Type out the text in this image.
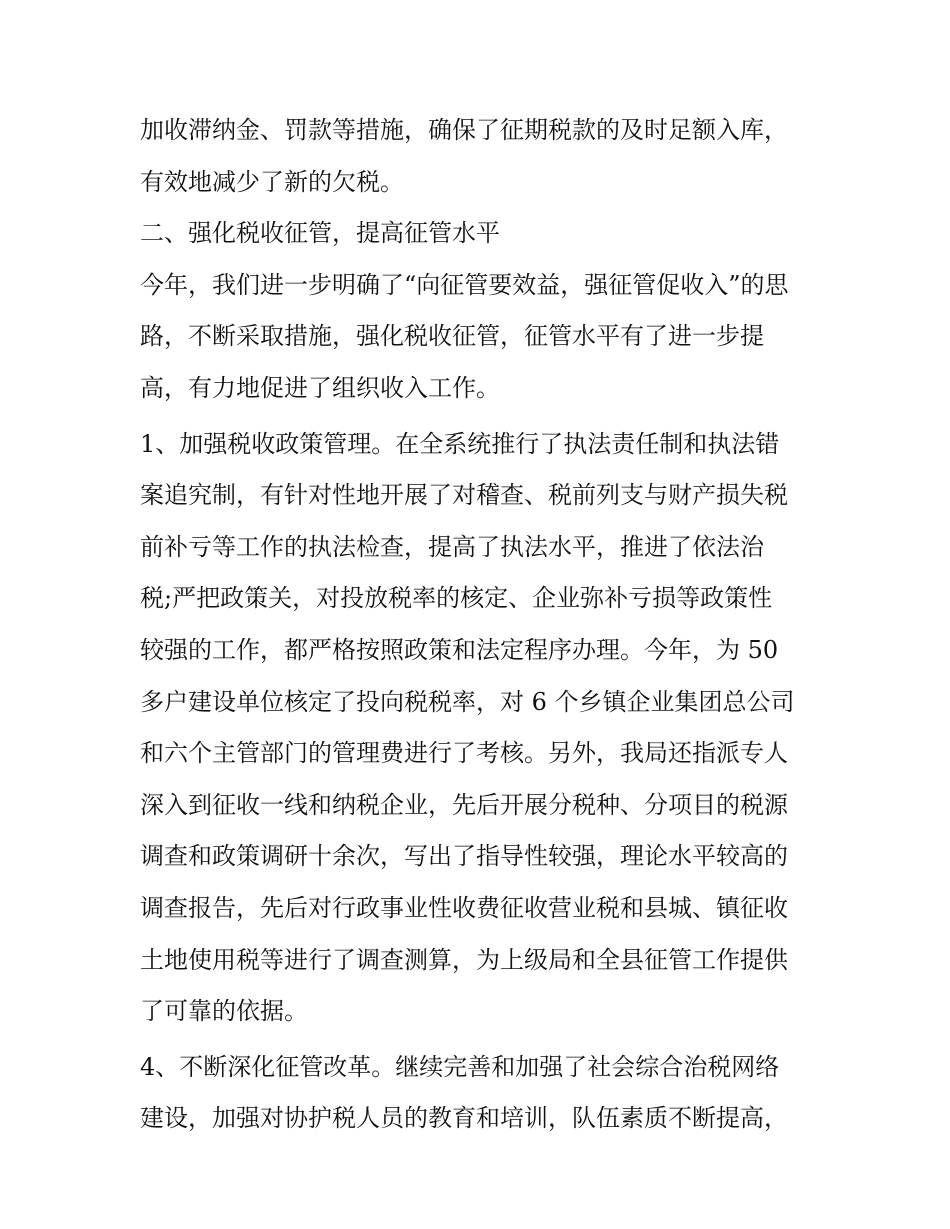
加收滞纳金、罚款等措施，确保了征期税款的及时足额入库，
有效地减少了新的欠税。
二、强化税收征管，提高征管水平
今年，我们进一步明确了“向征管要效益，强征管促收入”的思
路，不断采取措施，强化税收征管，征管水平有了进一步提
高，有力地促进了组织收入工作。
1、加强税收政策管理。在全系统推行了执法责任制和执法错
案追究制，有针对性地开展了对稽查、税前列支与财产损失税
前补亏等工作的执法检查，提高了执法水平，推进了依法治
税;严把政策关，对投放税率的核定、企业弥补亏损等政策性
较强的工作，都严格按照政策和法定程序办理。今年，为 50
多户建设单位核定了投向税税率，对 6 个乡镇企业集团总公司
和六个主管部门的管理费进行了考核。另外，我局还指派专人
深入到征收一线和纳税企业，先后开展分税种、分项目的税源
调查和政策调研十余次，写出了指导性较强，理论水平较高的
调查报告，先后对行政事业性收费征收营业税和县城、镇征收
土地使用税等进行了调查测算，为上级局和全县征管工作提供
了可靠的依据。
4、不断深化征管改革。继续完善和加强了社会综合治税网络
建设，加强对协护税人员的教育和培训，队伍素质不断提高，
